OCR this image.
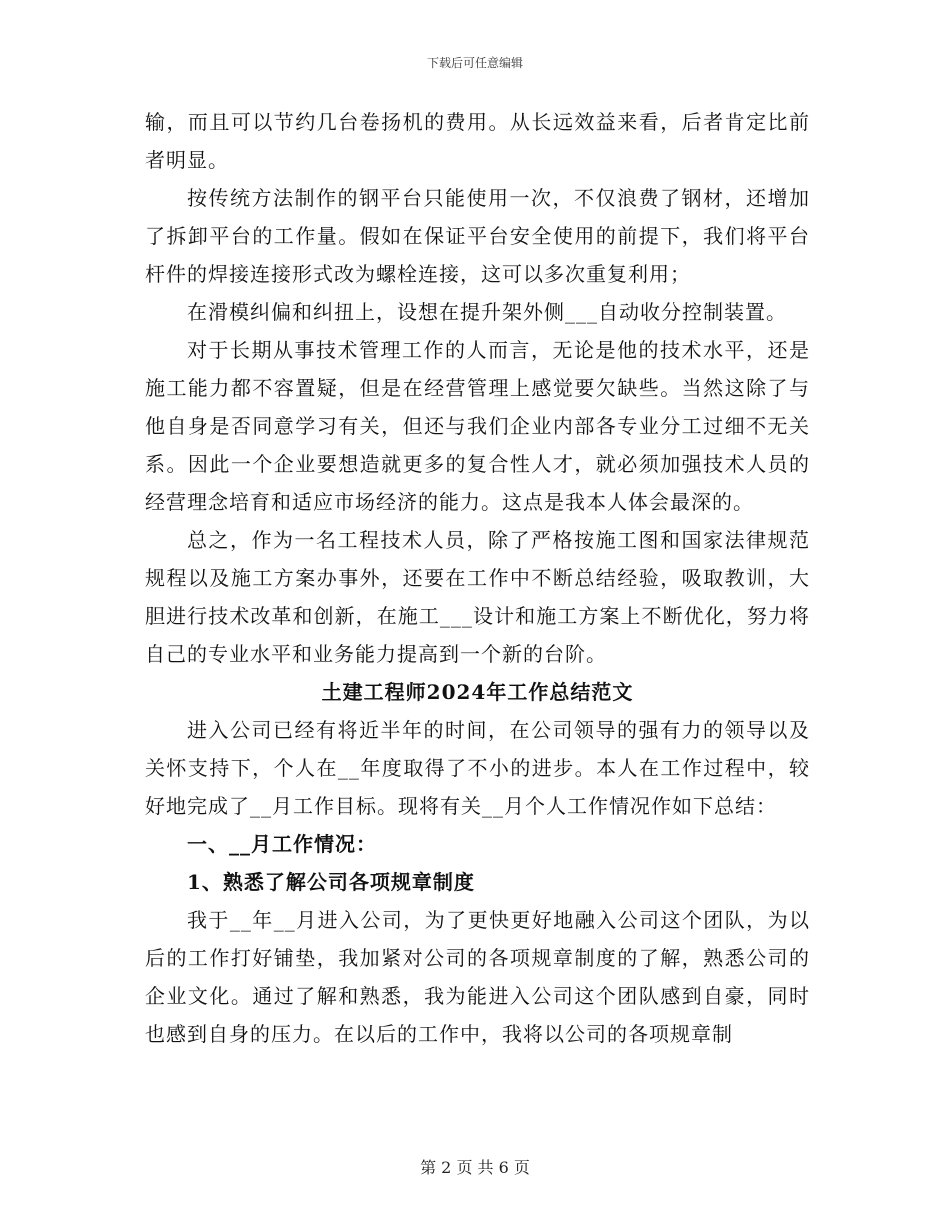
下载后可任意编辑

输，而且可以节约几台卷扬机的费用。从长远效益来看，后者肯定比前者明显。

按传统方法制作的钢平台只能使用一次，不仅浪费了钢材，还增加了拆卸平台的工作量。假如在保证平台安全使用的前提下，我们将平台杆件的焊接连接形式改为螺栓连接，这可以多次重复利用；

在滑模纠偏和纠扭上，设想在提升架外侧___自动收分控制装置。

对于长期从事技术管理工作的人而言，无论是他的技术水平，还是施工能力都不容置疑，但是在经营管理上感觉要欠缺些。当然这除了与他自身是否同意学习有关，但还与我们企业内部各专业分工过细不无关系。因此一个企业要想造就更多的复合性人才，就必须加强技术人员的经营理念培育和适应市场经济的能力。这点是我本人体会最深的。

总之，作为一名工程技术人员，除了严格按施工图和国家法律规范规程以及施工方案办事外，还要在工作中不断总结经验，吸取教训，大胆进行技术改革和创新，在施工___设计和施工方案上不断优化，努力将自己的专业水平和业务能力提高到一个新的台阶。

土建工程师2024年工作总结范文

进入公司已经有将近半年的时间，在公司领导的强有力的领导以及关怀支持下，个人在__年度取得了不小的进步。本人在工作过程中，较好地完成了__月工作目标。现将有关__月个人工作情况作如下总结：

一、__月工作情况：

1、熟悉了解公司各项规章制度

我于__年__月进入公司，为了更快更好地融入公司这个团队，为以后的工作打好铺垫，我加紧对公司的各项规章制度的了解，熟悉公司的企业文化。通过了解和熟悉，我为能进入公司这个团队感到自豪，同时也感到自身的压力。在以后的工作中，我将以公司的各项规章制

第 2 页 共 6 页
